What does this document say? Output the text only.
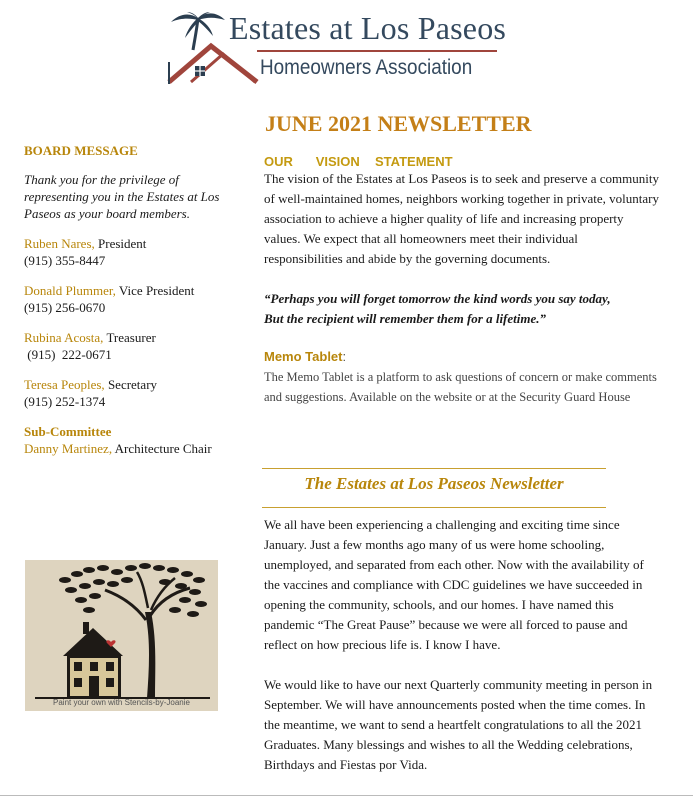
Estates at Los Paseos
Homeowners Association
BOARD MESSAGE
Thank you for the privilege of representing you in the Estates at Los Paseos as your board members.
Ruben Nares, President
(915) 355-8447
Donald Plummer, Vice President
(915) 256-0670
Rubina Acosta, Treasurer
(915)  222-0671
Teresa Peoples, Secretary
(915) 252-1374
Sub-Committee
Danny Martinez, Architecture Chair
Paint your own with Stencils-by-Joanie
JUNE 2021 NEWSLETTER
OUR   VISION  STATEMENT
The vision of the Estates at Los Paseos is to seek and preserve a community of well-maintained homes, neighbors working together in private, voluntary association to achieve a higher quality of life and increasing property values. We expect that all homeowners meet their individual responsibilities and abide by the governing documents.
“Perhaps you will forget tomorrow the kind words you say today,
But the recipient will remember them for a lifetime.”
Memo Tablet:
The Memo Tablet is a platform to ask questions of concern or make comments and suggestions. Available on the website or at the Security Guard House
The Estates at Los Paseos Newsletter

We all have been experiencing a challenging and exciting time since January. Just a few months ago many of us were home schooling, unemployed, and separated from each other. Now with the availability of the vaccines and compliance with CDC guidelines we have succeeded in opening the community, schools, and our homes. I have named this pandemic “The Great Pause” because we were all forced to pause and reflect on how precious life is. I know I have.

We would like to have our next Quarterly community meeting in person in September. We will have announcements posted when the time comes. In the meantime, we want to send a heartfelt congratulations to all the 2021 Graduates. Many blessings and wishes to all the Wedding celebrations, Birthdays and Fiestas por Vida.
